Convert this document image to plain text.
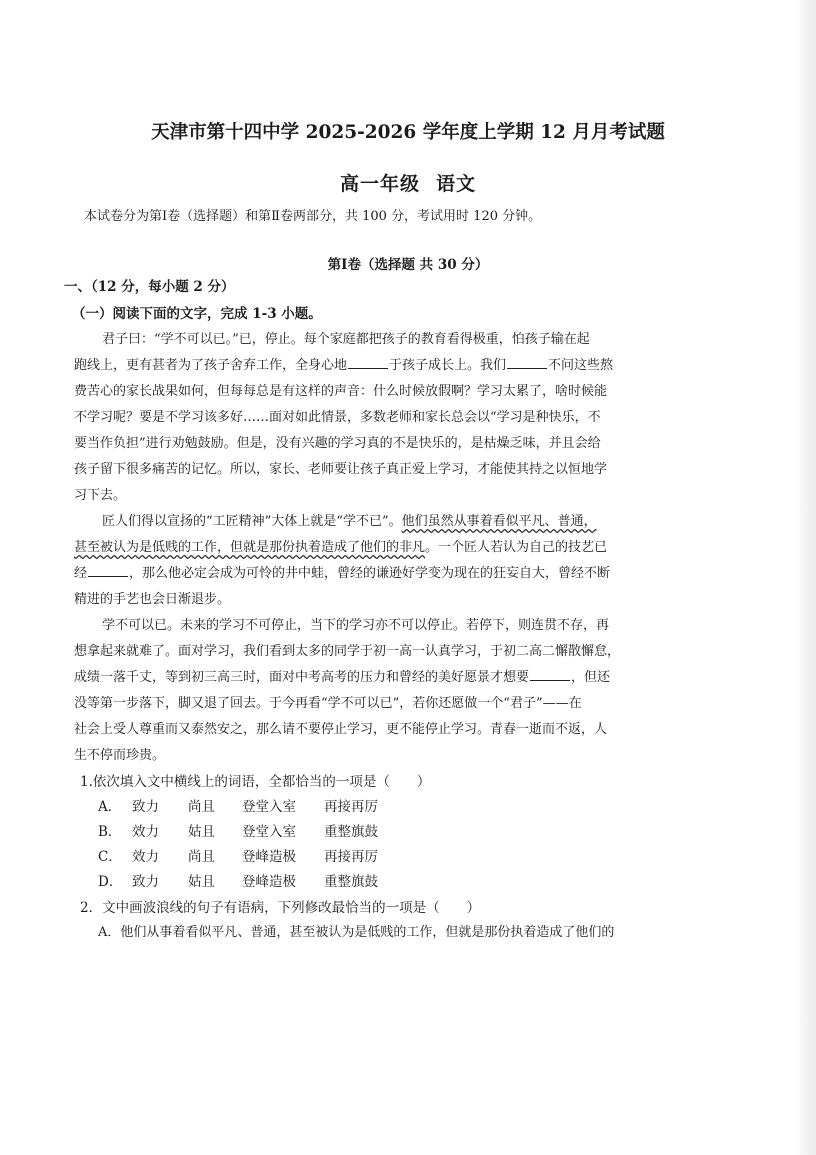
天津市第十四中学 2025-2026 学年度上学期 12 月月考试题
高一年级 语文
本试卷分为第Ⅰ卷（选择题）和第Ⅱ卷两部分，共 100 分，考试用时 120 分钟。
第Ⅰ卷（选择题 共 30 分）
一、（12 分，每小题 2 分）
（一）阅读下面的文字，完成 1-3 小题。
君子曰：“学不可以已。”已，停止。每个家庭都把孩子的教育看得极重，怕孩子输在起
跑线上，更有甚者为了孩子舍弃工作，全身心地	于孩子成长上。我们	不问这些熬
费苦心的家长战果如何，但每每总是有这样的声音：什么时候放假啊？学习太累了，啥时候能
不学习呢？要是不学习该多好……面对如此情景，多数老师和家长总会以“学习是种快乐，不
要当作负担”进行劝勉鼓励。但是，没有兴趣的学习真的不是快乐的，是枯燥乏味，并且会给
孩子留下很多痛苦的记忆。所以，家长、老师要让孩子真正爱上学习，才能使其持之以恒地学
习下去。
匠人们得以宣扬的“工匠精神”大体上就是“学不已”。他们虽然从事着看似平凡、普通，
甚至被认为是低贱的工作，但就是那份执着造成了他们的非凡。一个匠人若认为自己的技艺已
经	，那么他必定会成为可怜的井中蛙，曾经的谦逊好学变为现在的狂妄自大，曾经不断
精进的手艺也会日渐退步。
学不可以已。未来的学习不可停止，当下的学习亦不可以停止。若停下，则连贯不存，再
想拿起来就难了。面对学习，我们看到太多的同学于初一高一认真学习，于初二高二懈散懈怠，
成绩一落千丈，等到初三高三时，面对中考高考的压力和曾经的美好愿景才想要	，但还
没等第一步落下，脚又退了回去。于今再看“学不可以已”，若你还愿做一个“君子”——在
社会上受人尊重而又泰然安之，那么请不要停止学习，更不能停止学习。青春一逝而不返，人
生不停而珍贵。
1.依次填入文中横线上的词语，全都恰当的一项是（　　）
A． 致力 尚且 登堂入室 再接再厉
B． 效力 姑且 登堂入室 重整旗鼓
C． 效力 尚且 登峰造极 再接再厉
D． 致力 姑且 登峰造极 重整旗鼓
2．文中画波浪线的句子有语病，下列修改最恰当的一项是（　　）
A．他们从事着看似平凡、普通，甚至被认为是低贱的工作，但就是那份执着造成了他们的
